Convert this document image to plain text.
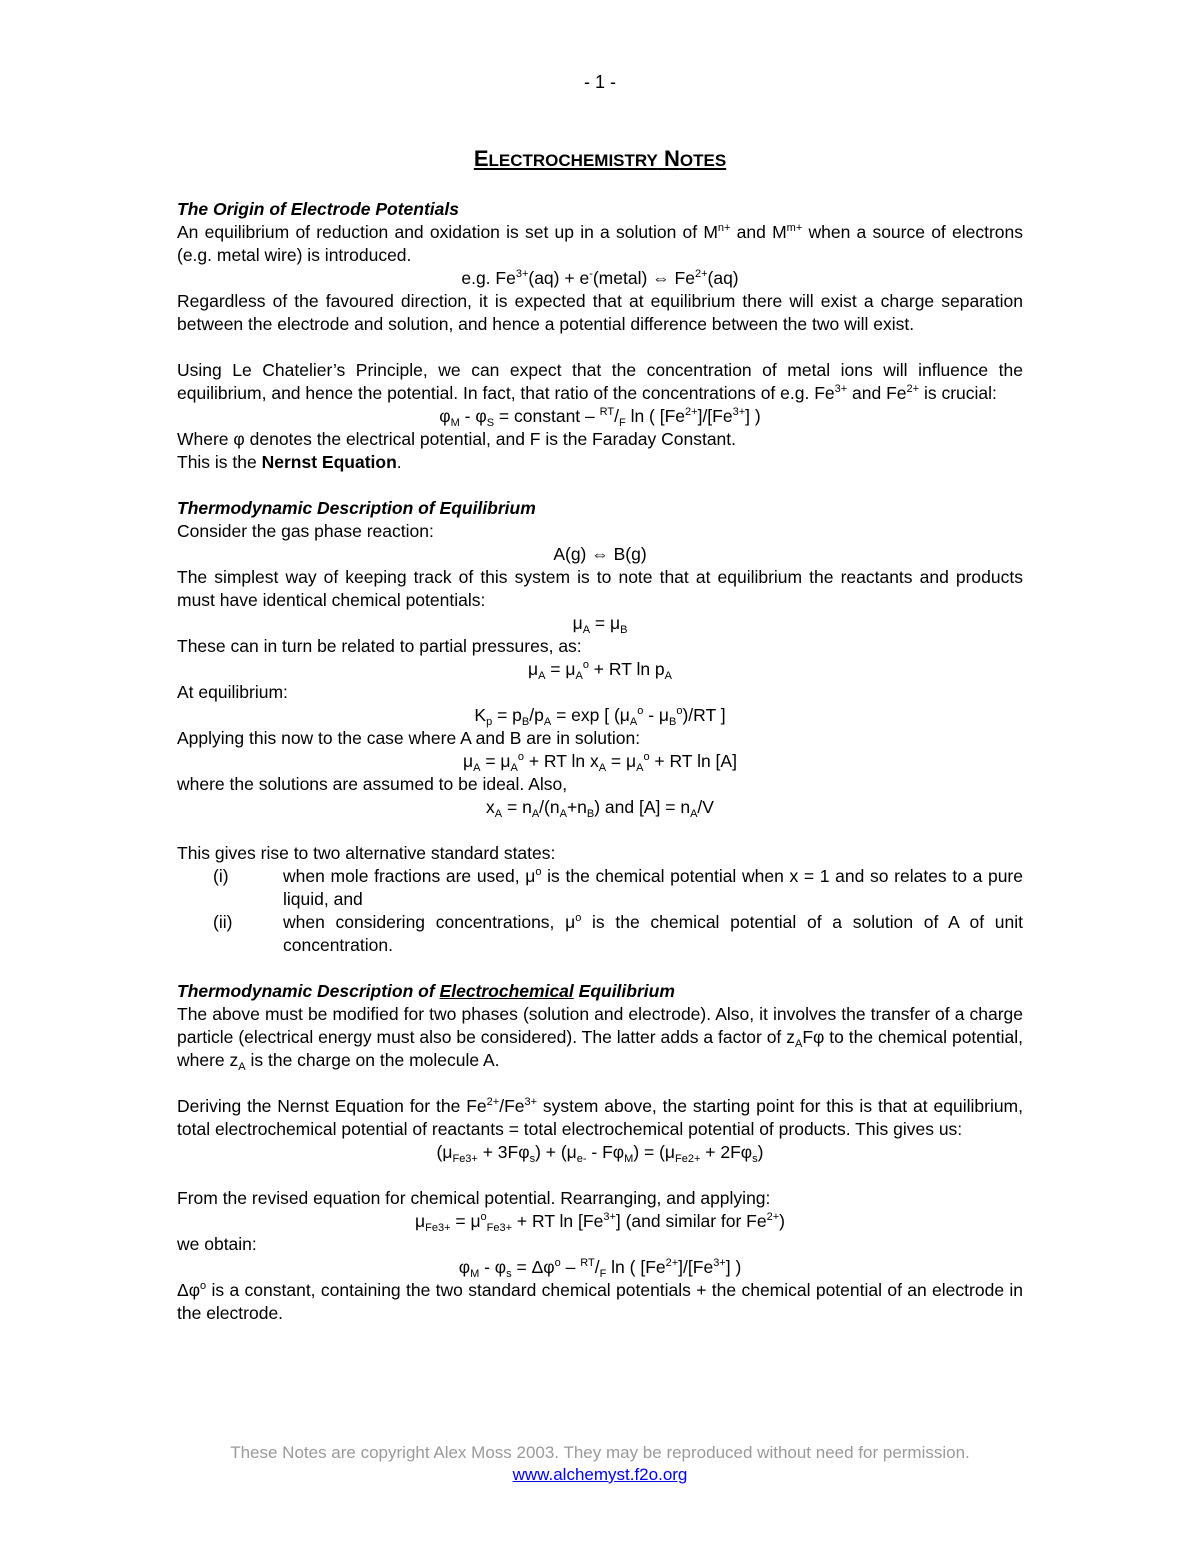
- 1 -
ELECTROCHEMISTRY NOTES

The Origin of Electrode Potentials

An equilibrium of reduction and oxidation is set up in a solution of $M^{n+}$ and $M^{m+}$ when a source of electrons (e.g. metal wire) is introduced.

e.g. $Fe^{3+}(aq)$ + e-(metal) ⇔ $Fe^{2+}(aq)$

Regardless of the favoured direction, it is expected that at equilibrium there will exist a charge separation between the electrode and solution, and hence a potential difference between the two will exist.

Using Le Chatelier’s Principle, we can expect that the concentration of metal ions will influence the equilibrium, and hence the potential. In fact, that ratio of the concentrations of e.g. $Fe^{3+}$ and $Fe^{2+}$ is crucial:

$\varphi_M - \varphi_S$ = constant – $^{RT}/_F$ ln ( $[Fe^{2+}]/[Fe^{3+}]$ )

Where φ denotes the electrical potential, and F is the Faraday Constant.

This is the Nernst Equation.

Thermodynamic Description of Equilibrium

Consider the gas phase reaction:

A(g) ⇔ B(g)

The simplest way of keeping track of this system is to note that at equilibrium the reactants and products must have identical chemical potentials:

$\mu_A = \mu_B$

These can in turn be related to partial pressures, as:

$\mu_A = \mu_A^o$ + RT $\ln p_A$

At equilibrium:

$K_p = p_B/p_A = \exp$ [ $(\mu_A^o - \mu_B^o)/RT$ ]

Applying this now to the case where A and B are in solution:

$\mu_A = \mu_A^o$ + RT $\ln x_A = \mu_A^o$ + RT ln [A]

where the solutions are assumed to be ideal. Also,

$x_A = n_A/(n_A+n_B)$ and $[A] = n_A/V$

This gives rise to two alternative standard states:

(i)	when mole fractions are used, $\mu^o$ is the chemical potential when x = 1 and so relates to a pure liquid, and
(ii)	when considering concentrations, $\mu^o$ is the chemical potential of a solution of A of unit concentration.

Thermodynamic Description of Electrochemical Equilibrium

The above must be modified for two phases (solution and electrode). Also, it involves the transfer of a charge particle (electrical energy must also be considered). The latter adds a factor of $z_AF\varphi$ to the chemical potential, where $z_A$ is the charge on the molecule A.

Deriving the Nernst Equation for the $Fe^{2+}/Fe^{3+}$ system above, the starting point for this is that at equilibrium, total electrochemical potential of reactants = total electrochemical potential of products. This gives us:

$(\mu_{Fe3+} + 3F\varphi_s) + (\mu_{e-} - F\varphi_M) = (\mu_{Fe2+} + 2F\varphi_s)$

From the revised equation for chemical potential. Rearranging, and applying:

$\mu_{Fe3+} = \mu^o_{Fe3+}$ + RT $\ln [Fe^{3+}]$ (and similar for $Fe^{2+}$)

we obtain:

$\varphi_M - \varphi_s = \Delta\varphi^o - ^{RT}/_F$ ln ( $[Fe^{2+}]/[Fe^{3+}]$ )

$\Delta\varphi^o$ is a constant, containing the two standard chemical potentials + the chemical potential of an electrode in the electrode.

These Notes are copyright Alex Moss 2003. They may be reproduced without need for permission.
www.alchemyst.f2o.org
